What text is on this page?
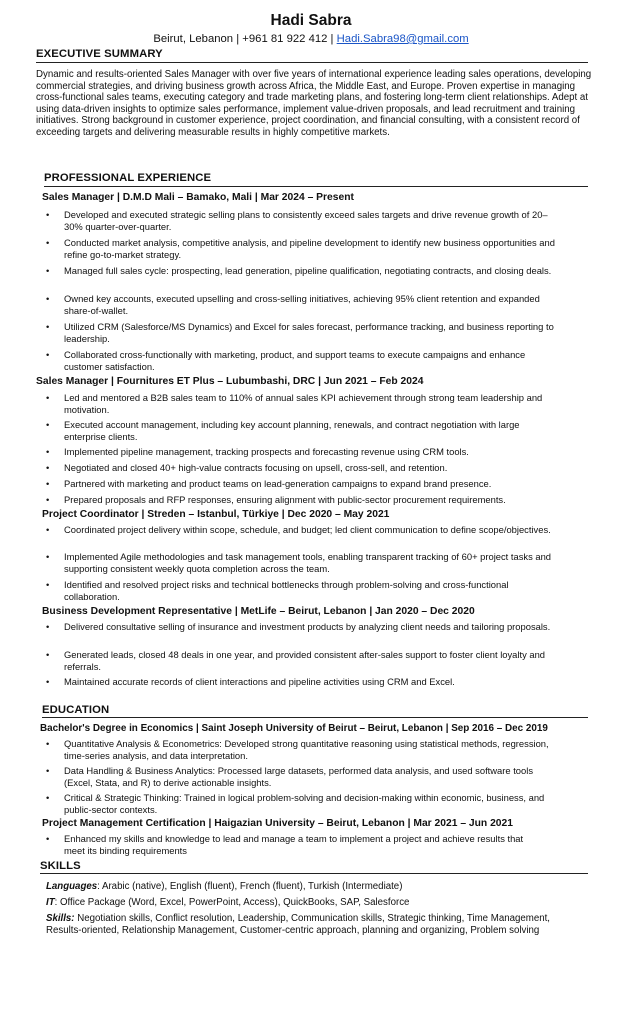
Hadi Sabra
Beirut, Lebanon | +961 81 922 412 | Hadi.Sabra98@gmail.com
EXECUTIVE SUMMARY
Dynamic and results-oriented Sales Manager with over five years of international experience leading sales operations, developing commercial strategies, and driving business growth across Africa, the Middle East, and Europe. Proven expertise in managing cross-functional sales teams, executing category and trade marketing plans, and fostering long-term client relationships. Adept at using data-driven insights to optimize sales performance, implement value-driven proposals, and lead recruitment and training initiatives. Strong background in customer experience, project coordination, and financial consulting, with a consistent record of exceeding targets and delivering measurable results in highly competitive markets.
PROFESSIONAL EXPERIENCE
Sales Manager | D.M.D Mali – Bamako, Mali | Mar 2024 – Present
• Developed and executed strategic selling plans to consistently exceed sales targets and drive revenue growth of 20–30% quarter-over-quarter.
• Conducted market analysis, competitive analysis, and pipeline development to identify new business opportunities and refine go-to-market strategy.
• Managed full sales cycle: prospecting, lead generation, pipeline qualification, negotiating contracts, and closing deals.
• Owned key accounts, executed upselling and cross-selling initiatives, achieving 95% client retention and expanded share-of-wallet.
• Utilized CRM (Salesforce/MS Dynamics) and Excel for sales forecast, performance tracking, and business reporting to leadership.
• Collaborated cross-functionally with marketing, product, and support teams to execute campaigns and enhance customer satisfaction.
Sales Manager | Fournitures ET Plus – Lubumbashi, DRC | Jun 2021 – Feb 2024
• Led and mentored a B2B sales team to 110% of annual sales KPI achievement through strong team leadership and motivation.
• Executed account management, including key account planning, renewals, and contract negotiation with large enterprise clients.
• Implemented pipeline management, tracking prospects and forecasting revenue using CRM tools.
• Negotiated and closed 40+ high-value contracts focusing on upsell, cross-sell, and retention.
• Partnered with marketing and product teams on lead-generation campaigns to expand brand presence.
• Prepared proposals and RFP responses, ensuring alignment with public-sector procurement requirements.
Project Coordinator | Streden – Istanbul, Türkiye | Dec 2020 – May 2021
• Coordinated project delivery within scope, schedule, and budget; led client communication to define scope/objectives.
• Implemented Agile methodologies and task management tools, enabling transparent tracking of 60+ project tasks and supporting consistent weekly quota completion across the team.
• Identified and resolved project risks and technical bottlenecks through problem-solving and cross-functional collaboration.
Business Development Representative | MetLife – Beirut, Lebanon | Jan 2020 – Dec 2020
• Delivered consultative selling of insurance and investment products by analyzing client needs and tailoring proposals.
• Generated leads, closed 48 deals in one year, and provided consistent after-sales support to foster client loyalty and referrals.
• Maintained accurate records of client interactions and pipeline activities using CRM and Excel.
EDUCATION
Bachelor's Degree in Economics | Saint Joseph University of Beirut – Beirut, Lebanon | Sep 2016 – Dec 2019
• Quantitative Analysis & Econometrics: Developed strong quantitative reasoning using statistical methods, regression, time-series analysis, and data interpretation.
• Data Handling & Business Analytics: Processed large datasets, performed data analysis, and used software tools (Excel, Stata, and R) to derive actionable insights.
• Critical & Strategic Thinking: Trained in logical problem-solving and decision-making within economic, business, and public-sector contexts.
Project Management Certification | Haigazian University – Beirut, Lebanon | Mar 2021 – Jun 2021
• Enhanced my skills and knowledge to lead and manage a team to implement a project and achieve results that meet its binding requirements
SKILLS
Languages: Arabic (native), English (fluent), French (fluent), Turkish (Intermediate)
IT: Office Package (Word, Excel, PowerPoint, Access), QuickBooks, SAP, Salesforce
Skills: Negotiation skills, Conflict resolution, Leadership, Communication skills, Strategic thinking, Time Management, Results-oriented, Relationship Management, Customer-centric approach, planning and organizing, Problem solving
